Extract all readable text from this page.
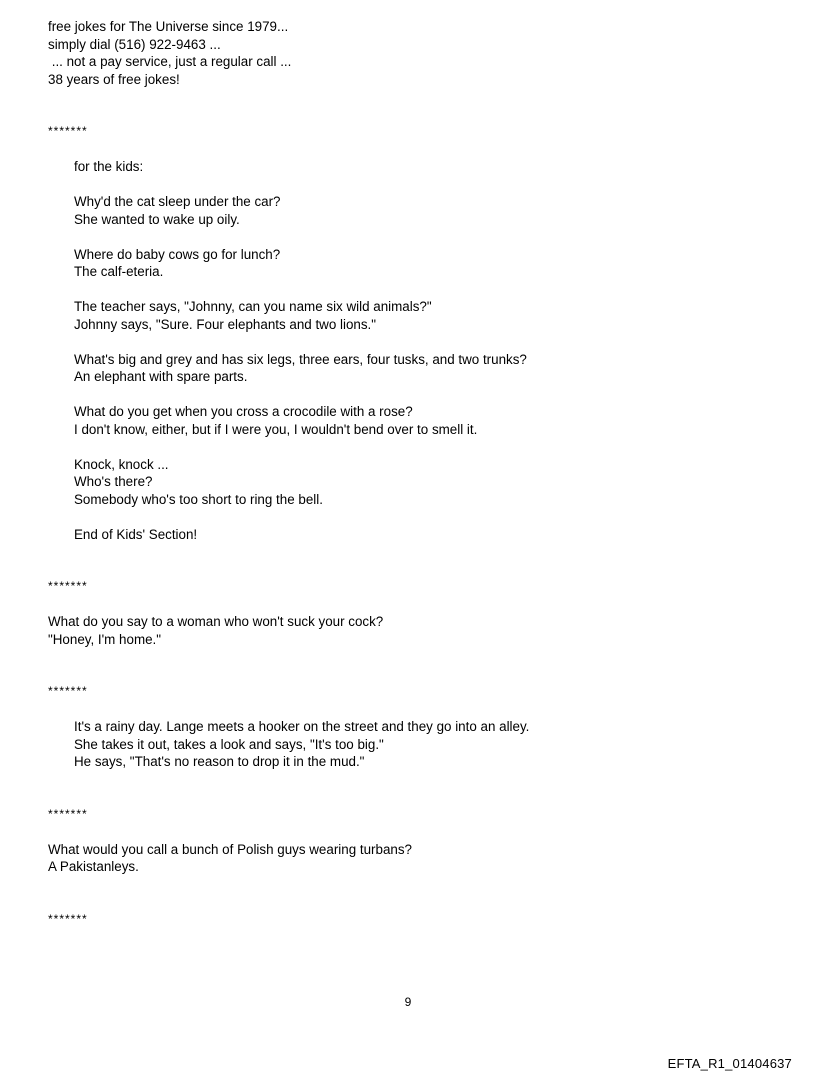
free jokes for The Universe since 1979...
simply dial (516) 922-9463 ...
... not a pay service, just a regular call ...
38 years of free jokes!
*******
for the kids:
Why'd the cat sleep under the car?
She wanted to wake up oily.
Where do baby cows go for lunch?
The calf-eteria.
The teacher says, "Johnny, can you name six wild animals?"
Johnny says, "Sure. Four elephants and two lions."
What's big and grey and has six legs, three ears, four tusks, and two trunks?
An elephant with spare parts.
What do you get when you cross a crocodile with a rose?
I don't know, either, but if I were you, I wouldn't bend over to smell it.
Knock, knock ...
Who's there?
Somebody who's too short to ring the bell.
End of Kids' Section!
*******
What do you say to a woman who won't suck your cock?
"Honey, I'm home."
*******
It's a rainy day. Lange meets a hooker on the street and they go into an alley.
She takes it out, takes a look and says, "It's too big."
He says, "That's no reason to drop it in the mud."
*******
What would you call a bunch of Polish guys wearing turbans?
A Pakistanleys.
*******
9
EFTA_R1_01404637
